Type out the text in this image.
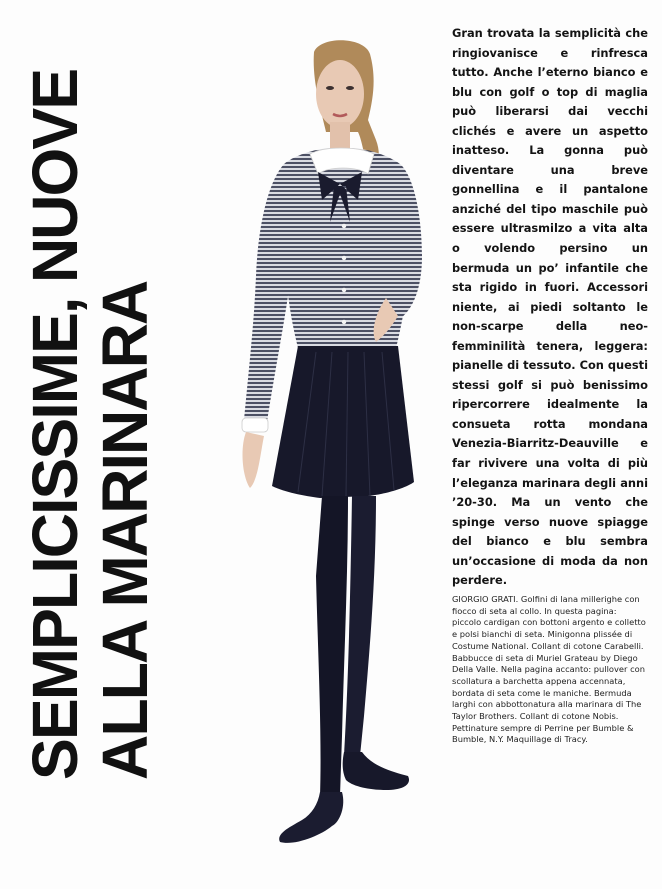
SEMPLICISSIME, NUOVE
ALLA MARINARA
Gran trovata la semplicità che ringiovanisce e rinfresca tutto. Anche l’eterno bianco e blu con golf o top di maglia può liberarsi dai vecchi clichés e avere un aspetto inatteso. La gonna può diventare una breve gonnellina e il pantalone anziché del tipo maschile può essere ultrasmilzo a vita alta o volendo persino un bermuda un po’ infantile che sta rigido in fuori. Accessori niente, ai piedi soltanto le non-scarpe della neo-femminilità tenera, leggera: pianelle di tessuto. Con questi stessi golf si può benissimo ripercorrere idealmente la consueta rotta mondana Venezia-Biarritz-Deauville e far rivivere una volta di più l’eleganza marinara degli anni ’20-30. Ma un vento che spinge verso nuove spiagge del bianco e blu sembra un’occasione di moda da non perdere.
GIORGIO GRATI. Golfini di lana millerighe con fiocco di seta al collo. In questa pagina: piccolo cardigan con bottoni argento e colletto e polsi bianchi di seta. Minigonna plissée di Costume National. Collant di cotone Carabelli. Babbucce di seta di Muriel Grateau by Diego Della Valle. Nella pagina accanto: pullover con scollatura a barchetta appena accennata, bordata di seta come le maniche. Bermuda larghi con abbottonatura alla marinara di The Taylor Brothers. Collant di cotone Nobis. Pettinature sempre di Perrine per Bumble & Bumble, N.Y. Maquillage di Tracy.
